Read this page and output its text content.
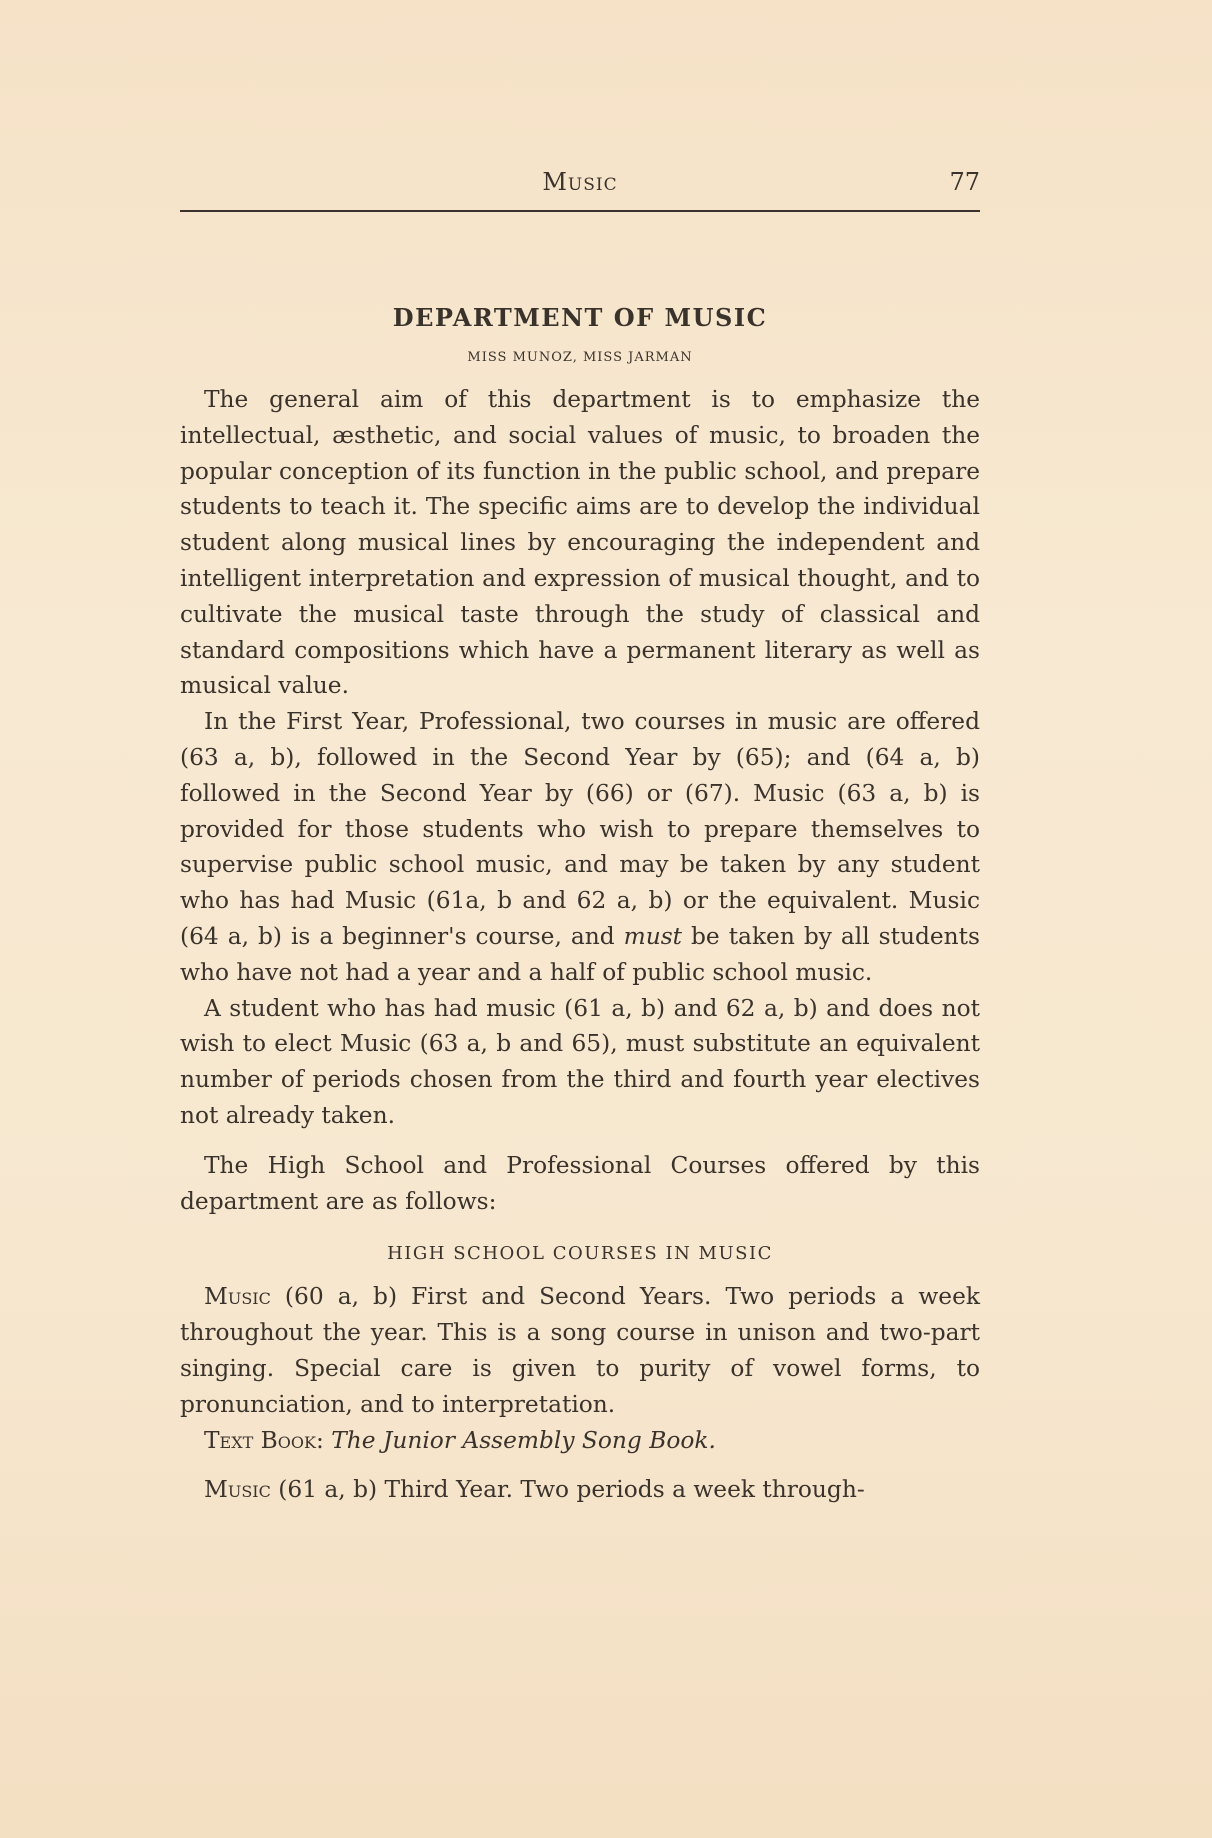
Music	77
DEPARTMENT OF MUSIC
MISS MUNOZ, MISS JARMAN

The general aim of this department is to emphasize the intellectual, æsthetic, and social values of music, to broaden the popular conception of its function in the public school, and prepare students to teach it. The specific aims are to develop the individual student along musical lines by encouraging the independent and intelligent interpretation and expression of musical thought, and to cultivate the musical taste through the study of classical and standard compositions which have a permanent literary as well as musical value.

In the First Year, Professional, two courses in music are offered (63 a, b), followed in the Second Year by (65); and (64 a, b) followed in the Second Year by (66) or (67). Music (63 a, b) is provided for those students who wish to prepare themselves to supervise public school music, and may be taken by any student who has had Music (61a, b and 62 a, b) or the equivalent. Music (64 a, b) is a beginner's course, and must be taken by all students who have not had a year and a half of public school music.

A student who has had music (61 a, b) and 62 a, b) and does not wish to elect Music (63 a, b and 65), must substitute an equivalent number of periods chosen from the third and fourth year electives not already taken.

The High School and Professional Courses offered by this department are as follows:

HIGH SCHOOL COURSES IN MUSIC

Music (60 a, b) First and Second Years. Two periods a week throughout the year. This is a song course in unison and two-part singing. Special care is given to purity of vowel forms, to pronunciation, and to interpretation.

Text Book: The Junior Assembly Song Book.

Music (61 a, b) Third Year. Two periods a week through-
